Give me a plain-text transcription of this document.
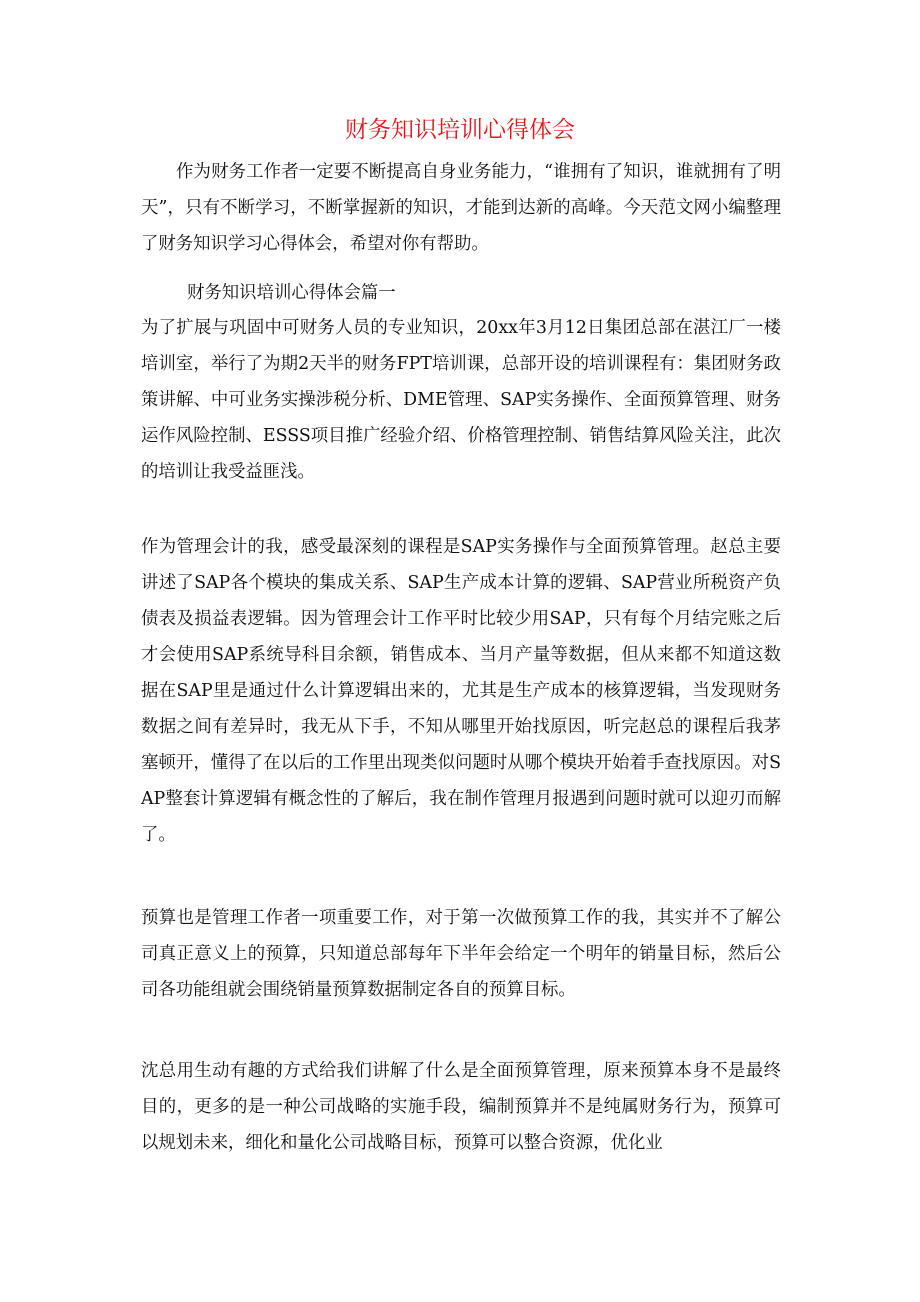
财务知识培训心得体会

作为财务工作者一定要不断提高自身业务能力，“谁拥有了知识，谁就拥有了明天”，只有不断学习，不断掌握新的知识，才能到达新的高峰。今天范文网小编整理了财务知识学习心得体会，希望对你有帮助。

财务知识培训心得体会篇一

为了扩展与巩固中可财务人员的专业知识，20xx年3月12日集团总部在湛江厂一楼培训室，举行了为期2天半的财务FPT培训课，总部开设的培训课程有：集团财务政策讲解、中可业务实操涉税分析、DME管理、SAP实务操作、全面预算管理、财务运作风险控制、ESSS项目推广经验介绍、价格管理控制、销售结算风险关注，此次的培训让我受益匪浅。

作为管理会计的我，感受最深刻的课程是SAP实务操作与全面预算管理。赵总主要讲述了SAP各个模块的集成关系、SAP生产成本计算的逻辑、SAP营业所税资产负债表及损益表逻辑。因为管理会计工作平时比较少用SAP，只有每个月结完账之后才会使用SAP系统导科目余额，销售成本、当月产量等数据，但从来都不知道这数据在SAP里是通过什么计算逻辑出来的，尤其是生产成本的核算逻辑，当发现财务数据之间有差异时，我无从下手，不知从哪里开始找原因，听完赵总的课程后我茅塞顿开，懂得了在以后的工作里出现类似问题时从哪个模块开始着手查找原因。对SAP整套计算逻辑有概念性的了解后，我在制作管理月报遇到问题时就可以迎刃而解了。

预算也是管理工作者一项重要工作，对于第一次做预算工作的我，其实并不了解公司真正意义上的预算，只知道总部每年下半年会给定一个明年的销量目标，然后公司各功能组就会围绕销量预算数据制定各自的预算目标。

沈总用生动有趣的方式给我们讲解了什么是全面预算管理，原来预算本身不是最终目的，更多的是一种公司战略的实施手段，编制预算并不是纯属财务行为，预算可以规划未来，细化和量化公司战略目标，预算可以整合资源，优化业
